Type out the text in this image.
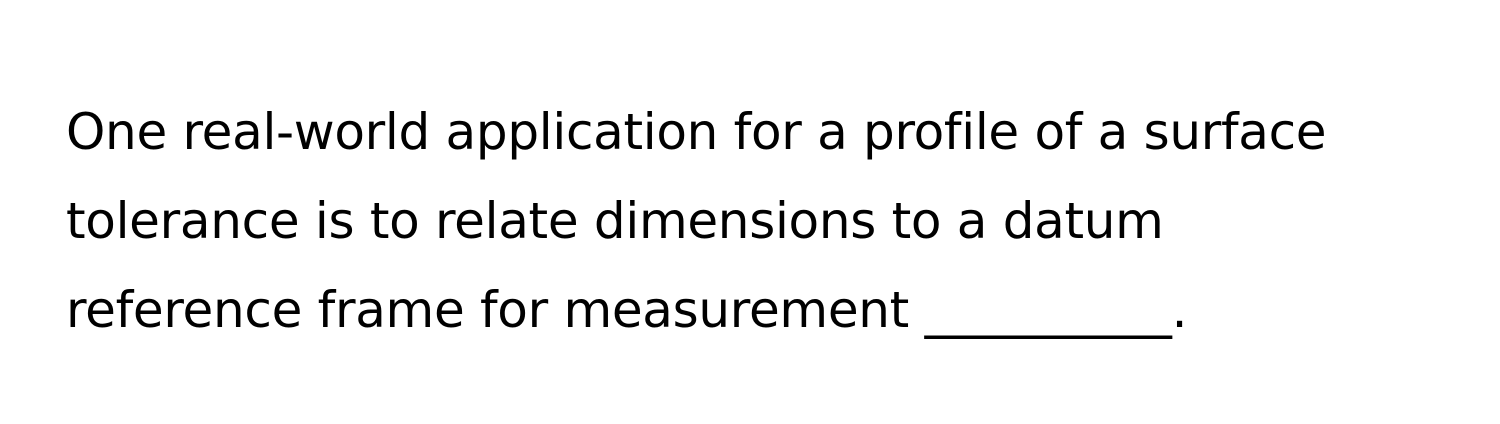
One real-world application for a profile of a surface
tolerance is to relate dimensions to a datum
reference frame for measurement __________.
